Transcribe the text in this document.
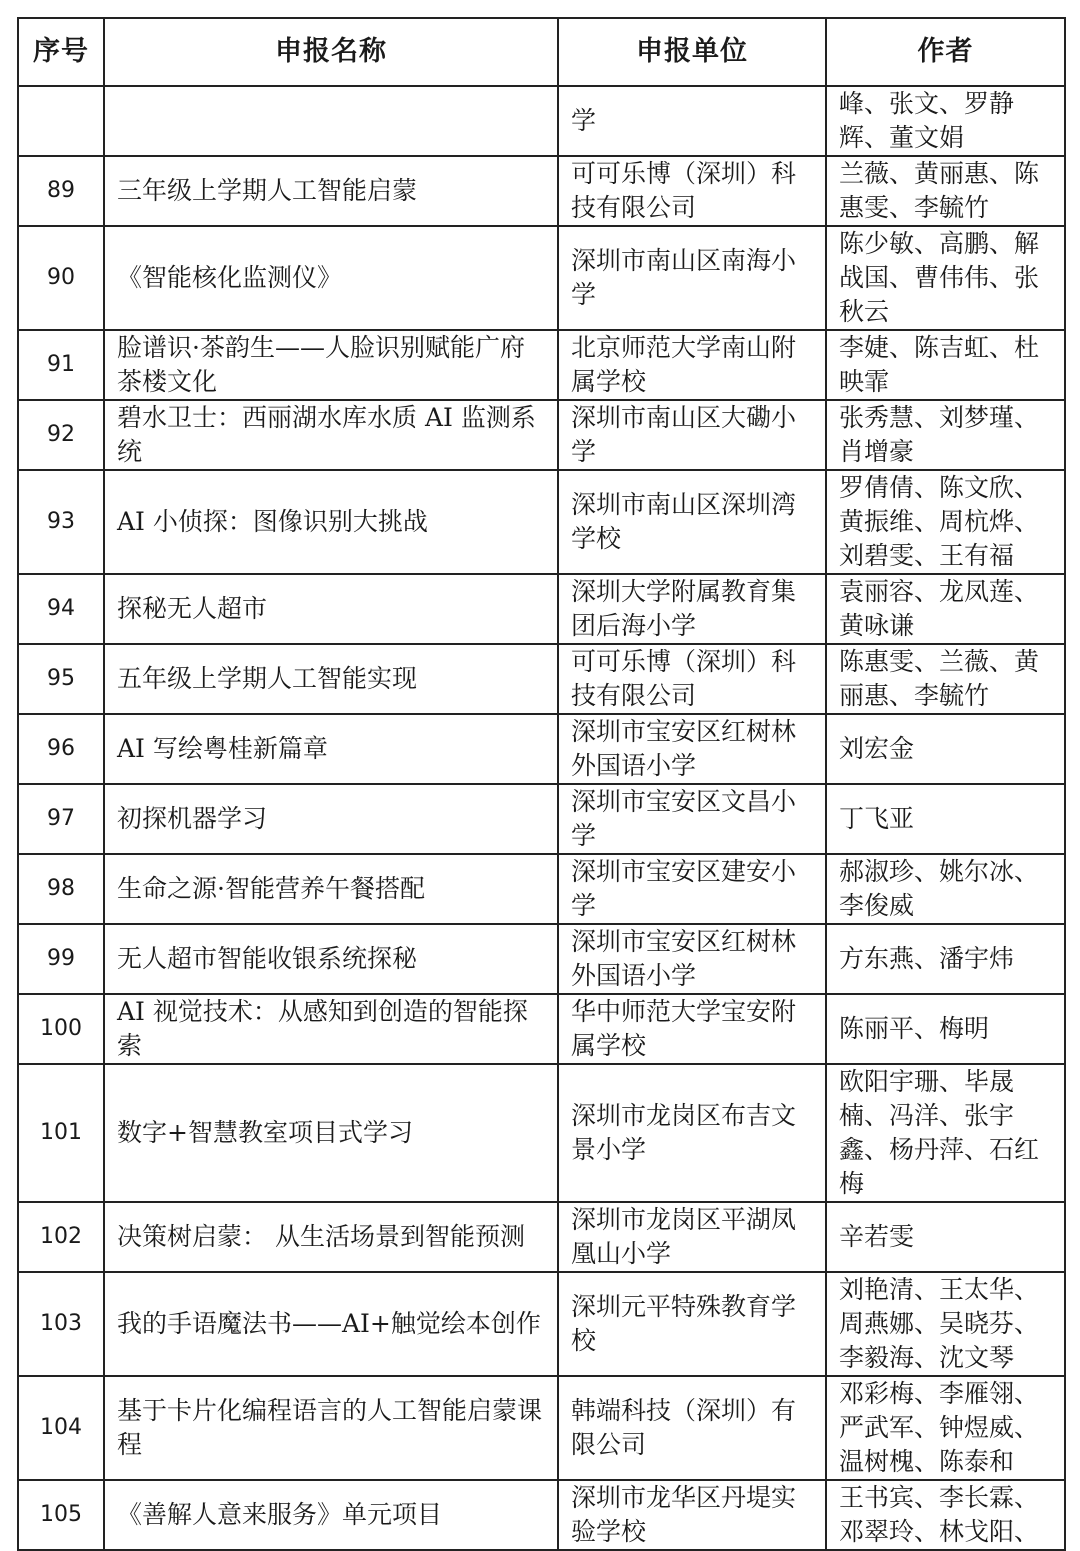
序号	申报名称	申报单位	作者
		学	峰、张文、罗静辉、董文娟
89	三年级上学期人工智能启蒙	可可乐博（深圳）科技有限公司	兰薇、黄丽惠、陈惠雯、李毓竹
90	《智能核化监测仪》	深圳市南山区南海小学	陈少敏、高鹏、解战国、曹伟伟、张秋云
91	脸谱识·茶韵生——人脸识别赋能广府茶楼文化	北京师范大学南山附属学校	李婕、陈吉虹、杜映霏
92	碧水卫士：西丽湖水库水质 AI 监测系统	深圳市南山区大磡小学	张秀慧、刘梦瑾、肖增豪
93	AI 小侦探：图像识别大挑战	深圳市南山区深圳湾学校	罗倩倩、陈文欣、黄振维、周杭烨、刘碧雯、王有福
94	探秘无人超市	深圳大学附属教育集团后海小学	袁丽容、龙凤莲、黄咏谦
95	五年级上学期人工智能实现	可可乐博（深圳）科技有限公司	陈惠雯、兰薇、黄丽惠、李毓竹
96	AI 写绘粤桂新篇章	深圳市宝安区红树林外国语小学	刘宏金
97	初探机器学习	深圳市宝安区文昌小学	丁飞亚
98	生命之源·智能营养午餐搭配	深圳市宝安区建安小学	郝淑珍、姚尔冰、李俊威
99	无人超市智能收银系统探秘	深圳市宝安区红树林外国语小学	方东燕、潘宇炜
100	AI 视觉技术：从感知到创造的智能探索	华中师范大学宝安附属学校	陈丽平、梅明
101	数字+智慧教室项目式学习	深圳市龙岗区布吉文景小学	欧阳宇珊、毕晟楠、冯洋、张宇鑫、杨丹萍、石红梅
102	决策树启蒙： 从生活场景到智能预测	深圳市龙岗区平湖凤凰山小学	辛若雯
103	我的手语魔法书——AI+触觉绘本创作	深圳元平特殊教育学校	刘艳清、王太华、周燕娜、吴晓芬、李毅海、沈文琴
104	基于卡片化编程语言的人工智能启蒙课程	韩端科技（深圳）有限公司	邓彩梅、李雁翎、严武军、钟煜威、温树槐、陈泰和
105	《善解人意来服务》单元项目	深圳市龙华区丹堤实验学校	王书宾、李长霖、邓翠玲、林戈阳、
